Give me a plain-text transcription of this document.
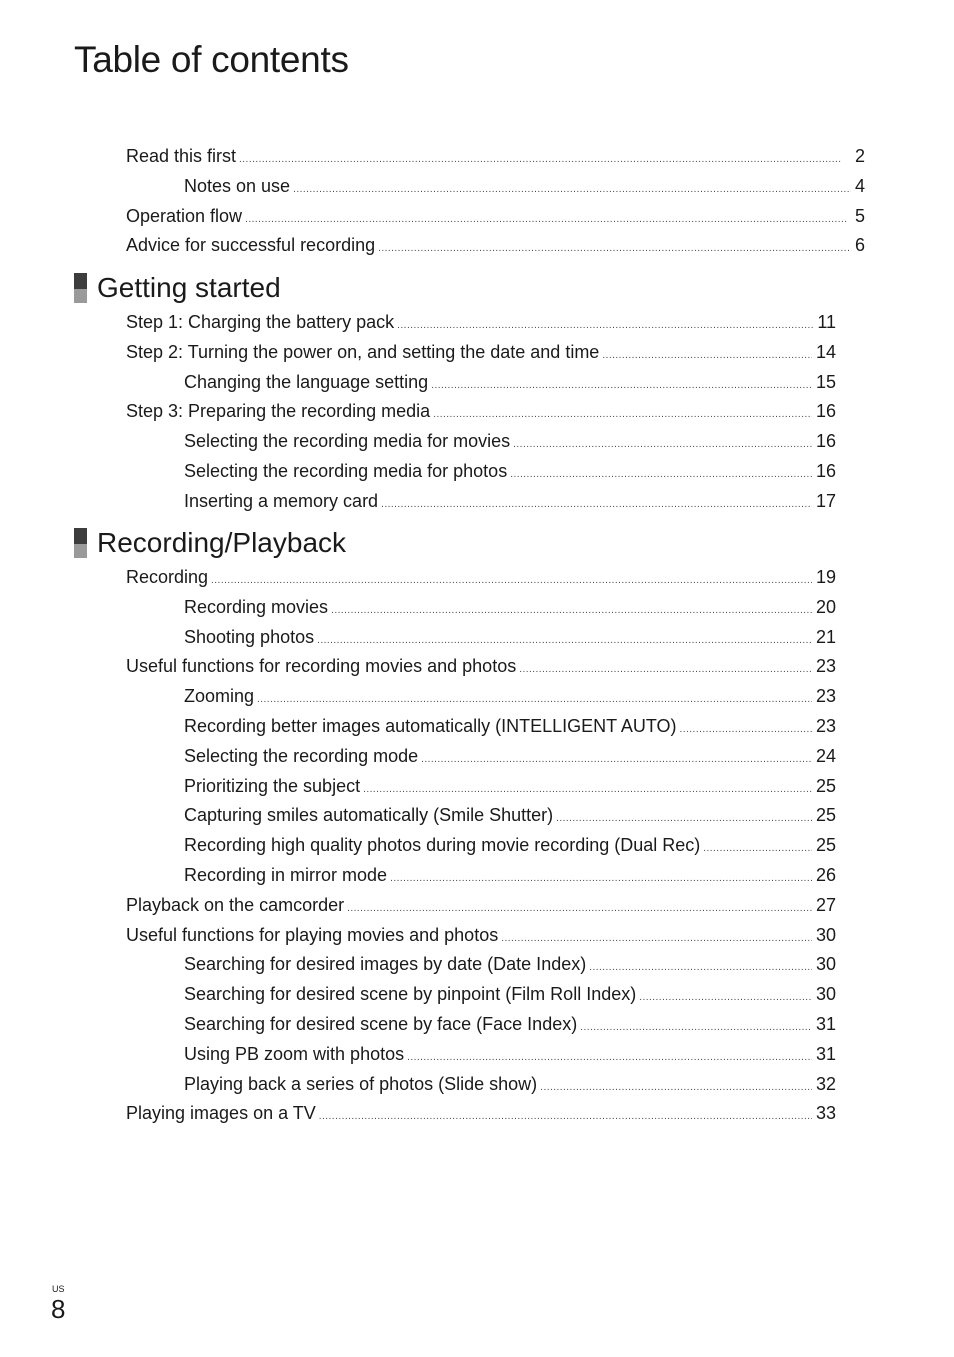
Table of contents
Read this first . . .	2
Notes on use . . .	4
Operation flow . . .	5
Advice for successful recording . . .	6
Getting started
Step 1: Charging the battery pack . . .	11
Step 2: Turning the power on, and setting the date and time . . .	14
Changing the language setting . . .	15
Step 3: Preparing the recording media . . .	16
Selecting the recording media for movies . . .	16
Selecting the recording media for photos . . .	16
Inserting a memory card . . .	17
Recording/Playback
Recording . . .	19
Recording movies . . .	20
Shooting photos . . .	21
Useful functions for recording movies and photos . . .	23
Zooming . . .	23
Recording better images automatically (INTELLIGENT AUTO) . . .	23
Selecting the recording mode . . .	24
Prioritizing the subject . . .	25
Capturing smiles automatically (Smile Shutter) . . .	25
Recording high quality photos during movie recording (Dual Rec) . . .	25
Recording in mirror mode . . .	26
Playback on the camcorder . . .	27
Useful functions for playing movies and photos . . .	30
Searching for desired images by date (Date Index) . . .	30
Searching for desired scene by pinpoint (Film Roll Index) . . .	30
Searching for desired scene by face (Face Index) . . .	31
Using PB zoom with photos . . .	31
Playing back a series of photos (Slide show) . . .	32
Playing images on a TV . . .	33
US
8
